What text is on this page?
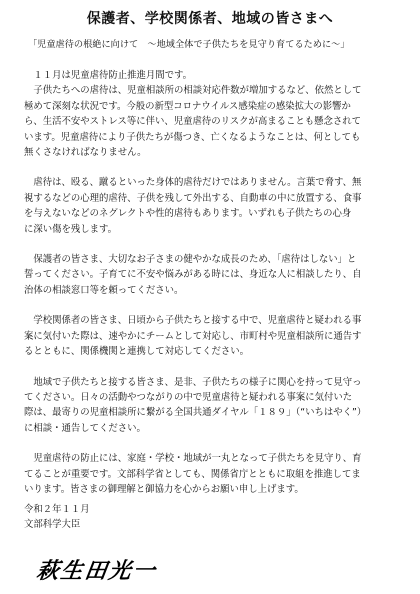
保護者、学校関係者、地域の皆さまへ
「児童虐待の根絶に向けて　～地域全体で子供たちを見守り育てるために～」

　１１月は児童虐待防止推進月間です。

　子供たちへの虐待は、児童相談所の相談対応件数が増加するなど、依然として

極めて深刻な状況です。今般の新型コロナウイルス感染症の感染拡大の影響か

ら、生活不安やストレス等に伴い、児童虐待のリスクが高まることも懸念されて

います。児童虐待により子供たちが傷つき、亡くなるようなことは、何としても

無くさなければなりません。

　虐待は、殴る、蹴るといった身体的虐待だけではありません。言葉で脅す、無

視するなどの心理的虐待、子供を残して外出する、自動車の中に放置する、食事

を与えないなどのネグレクトや性的虐待もあります。いずれも子供たちの心身

に深い傷を残します。

　保護者の皆さま、大切なお子さまの健やかな成長のため、「虐待はしない」と

誓ってください。子育てに不安や悩みがある時には、身近な人に相談したり、自

治体の相談窓口等を頼ってください。

　学校関係者の皆さま、日頃から子供たちと接する中で、児童虐待と疑われる事

案に気付いた際は、速やかにチームとして対応し、市町村や児童相談所に通告す

るとともに、関係機関と連携して対応してください。

　地域で子供たちと接する皆さま、是非、子供たちの様子に関心を持って見守っ

てください。日々の活動やつながりの中で児童虐待と疑われる事案に気付いた

際は、最寄りの児童相談所に繋がる全国共通ダイヤル「１８９」（“いちはやく”）

に相談・通告してください。

　児童虐待の防止には、家庭・学校・地域が一丸となって子供たちを見守り、育

てることが重要です。文部科学省としても、関係省庁とともに取組を推進してま

いります。皆さまの御理解と御協力を心からお願い申し上げます。

令和２年１１月

文部科学大臣

萩生田光一
